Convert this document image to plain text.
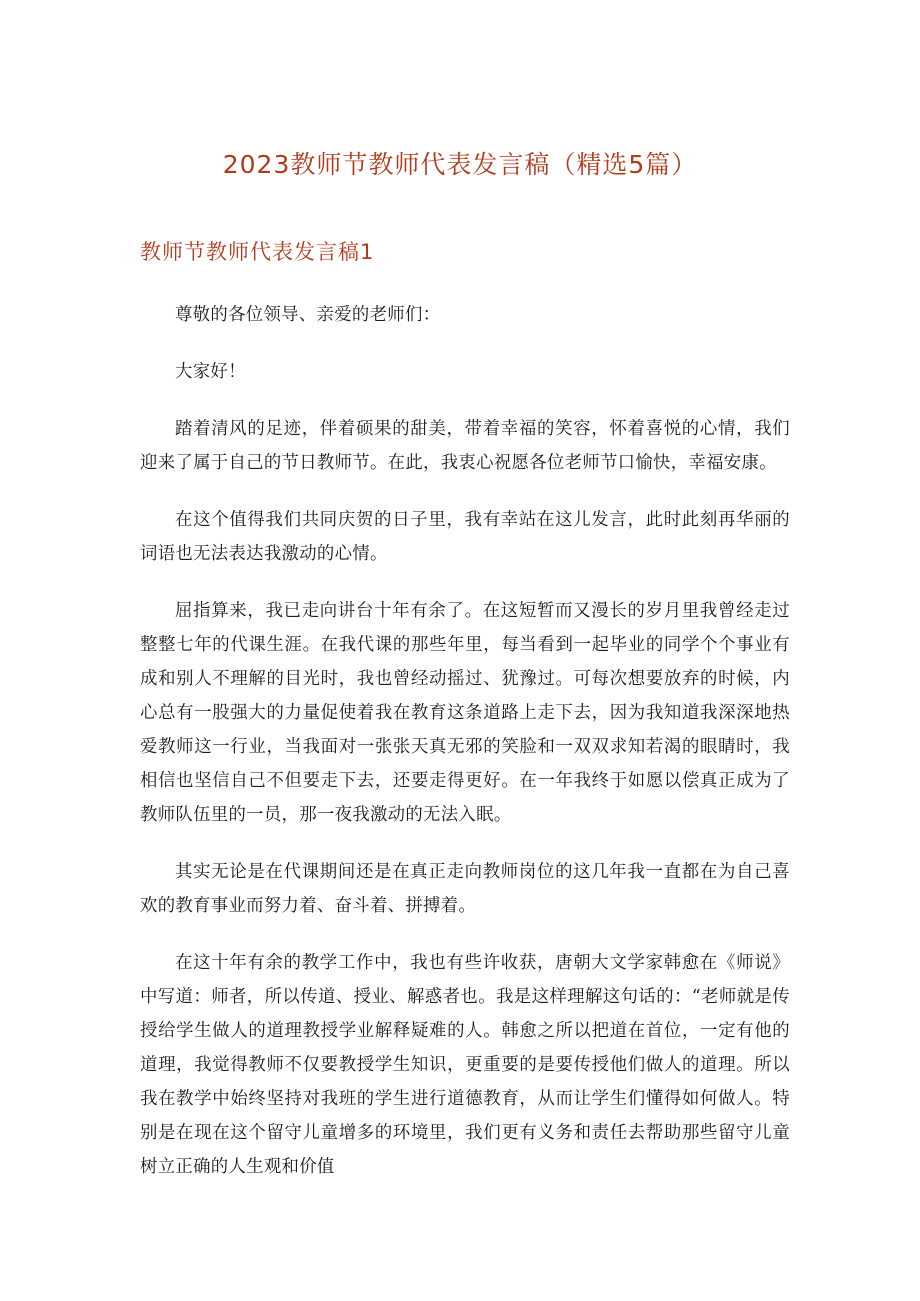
2023教师节教师代表发言稿（精选5篇）
教师节教师代表发言稿1

尊敬的各位领导、亲爱的老师们：

大家好！

踏着清风的足迹，伴着硕果的甜美，带着幸福的笑容，怀着喜悦的心情，我们迎来了属于自己的节日教师节。在此，我衷心祝愿各位老师节口愉快，幸福安康。

在这个值得我们共同庆贺的日子里，我有幸站在这儿发言，此时此刻再华丽的词语也无法表达我激动的心情。

屈指算来，我已走向讲台十年有余了。在这短暂而又漫长的岁月里我曾经走过整整七年的代课生涯。在我代课的那些年里，每当看到一起毕业的同学个个事业有成和别人不理解的目光时，我也曾经动摇过、犹豫过。可每次想要放弃的时候，内心总有一股强大的力量促使着我在教育这条道路上走下去，因为我知道我深深地热爱教师这一行业，当我面对一张张天真无邪的笑脸和一双双求知若渴的眼睛时，我相信也坚信自己不但要走下去，还要走得更好。在一年我终于如愿以偿真正成为了教师队伍里的一员，那一夜我激动的无法入眠。

其实无论是在代课期间还是在真正走向教师岗位的这几年我一直都在为自己喜欢的教育事业而努力着、奋斗着、拼搏着。

在这十年有余的教学工作中，我也有些许收获，唐朝大文学家韩愈在《师说》中写道：师者，所以传道、授业、解惑者也。我是这样理解这句话的：“老师就是传授给学生做人的道理教授学业解释疑难的人。韩愈之所以把道在首位，一定有他的道理，我觉得教师不仅要教授学生知识，更重要的是要传授他们做人的道理。所以我在教学中始终坚持对我班的学生进行道德教育，从而让学生们懂得如何做人。特别是在现在这个留守儿童增多的环境里，我们更有义务和责任去帮助那些留守儿童树立正确的人生观和价值
